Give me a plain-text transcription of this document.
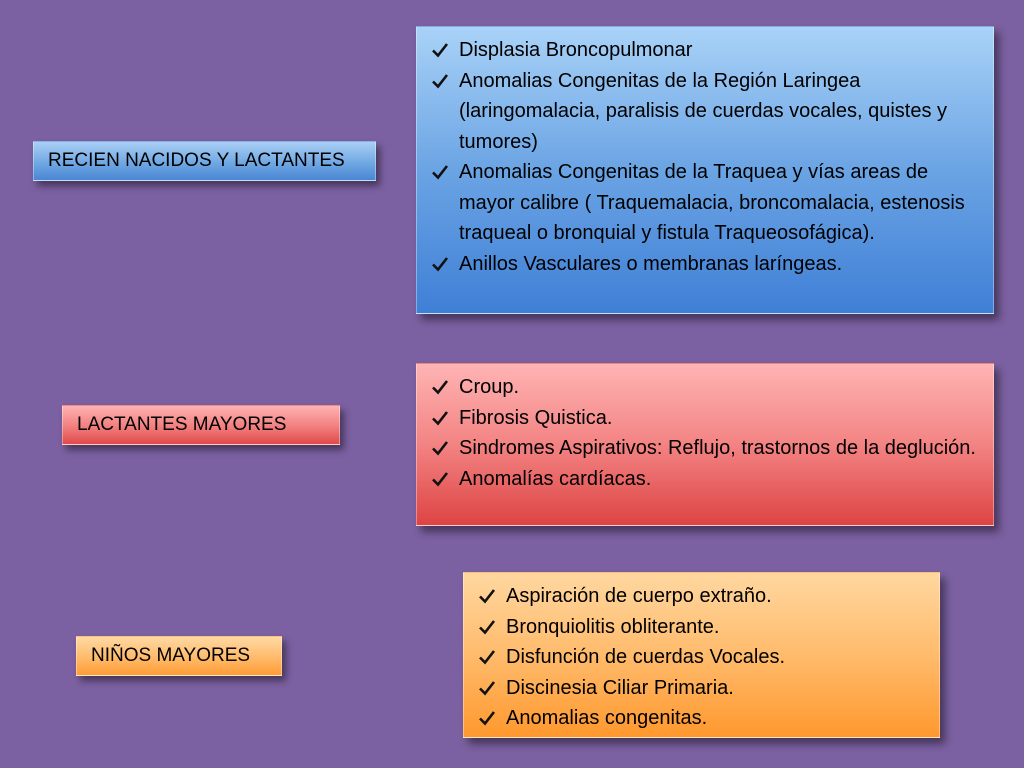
RECIEN NACIDOS Y LACTANTES
Displasia Broncopulmonar
Anomalias Congenitas de la Región Laringea (laringomalacia, paralisis de cuerdas vocales, quistes y tumores)
Anomalias Congenitas de la Traquea y vías areas de mayor calibre ( Traquemalacia, broncomalacia, estenosis traqueal o bronquial y fistula Traqueosofágica).
Anillos Vasculares o membranas laríngeas.
LACTANTES MAYORES
Croup.
Fibrosis Quistica.
Sindromes Aspirativos: Reflujo, trastornos de la deglución.
Anomalías cardíacas.
NIÑOS MAYORES
Aspiración de cuerpo extraño.
Bronquiolitis obliterante.
Disfunción de cuerdas Vocales.
Discinesia Ciliar Primaria.
Anomalias congenitas.
